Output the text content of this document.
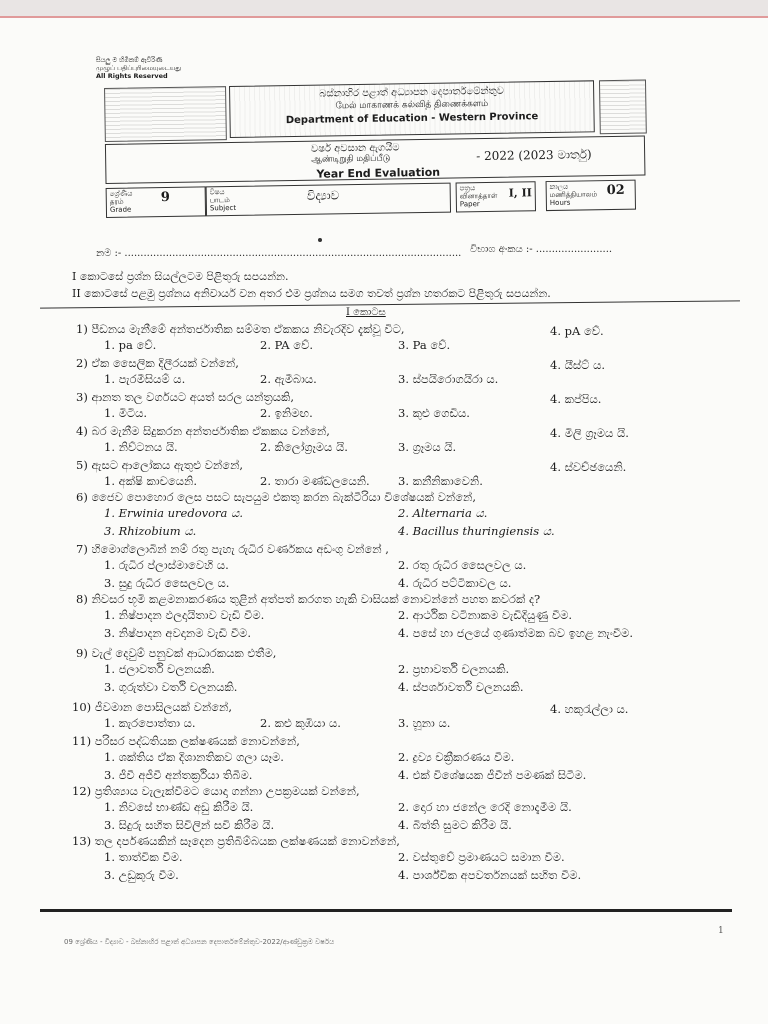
සියලු ම හිමිකම් ඇවිරිණි
முழுப் பதிப்புரிமையுடையது
All Rights Reserved
බස්නාහිර පළාත් අධ්‍යාපන දෙපාර්තමේන්තුව
மேல் மாகாணக் கல்வித் திணைக்களம்
Department of Education - Western Province
වර්ෂ අවසාන ඇගයීම
ஆண்டிறுதி மதிப்பீடு
Year End Evaluation
- 2022 (2023 මාර්තු)
ශ්‍රේණිය
தரம்
Grade
9	විෂය
பாடம்
Subject
විද්‍යාව
පත්‍රය
வினாத்தாள்
Paper
I, II	කාලය
மணித்தியாலம்
Hours
02
නම :- .......................................................................................................... විභාග අංකය :- ........................
I කොටසේ ප්‍රශ්න සියල්ලටම පිළිතුරු සපයන්න.
II කොටසේ පළමු ප්‍රශ්නය අනිවාර්ය වන අතර එම ප්‍රශ්නය සමග තවත් ප්‍රශ්න හතරකට පිළිතුරු සපයන්න.
I කොටස
1) පීඩනය මැනීමේ අන්තර්ජාතික සම්මත ඒකකය නිවැරදිව දැක්වූ විට,
1. pa වේ.	2. PA වේ.	3. Pa වේ.
4. pA වේ.
2) ඒක සෛලික දිලීරයක් වන්නේ,
1. පැරමීසියම් ය.	2. ඇමීබාය.	3. ස්පයිරොගයිරා ය.
4. යීස්ට් ය.
3) ආනත තල වර්ගයට අයත් සරල යන්ත්‍රයකි,
1. මිටිය.	2. ඉනිමඟ.	3. කුළු ගෙඩිය.
4. කප්පිය.
4) බර මැනීම සිදුකරන අන්තර්ජාතික ඒකකය වන්නේ,
1. නිව්ටනය යි.	2. කිලෝග්‍රෑමය යි.	3. ග්‍රෑමය යි.
4. මිලි ග්‍රෑමය යි.
5) ඇසට ආලෝකය ඇතුළු වන්නේ,
1. අක්ෂි කාචයෙනි.	2. තාරා මණ්ඩලයෙනි. 3. කනීනිකාවෙනි.
4. ස්වච්ඡයෙනි.
6) ජෛව පොහොර ලෙස පසට සැපයුම එකතු කරන බැක්ටීරියා විශේෂයක් වන්නේ,
1. Erwinia uredovora ය.	2. Alternaria ය.
3. Rhizobium ය.	4. Bacillus thuringiensis ය.
7) හිමොග්ලොබින් නම් රතු පැහැ රුධිර වර්ණකය අඩංගු වන්නේ ,
1. රුධිර ප්ලාස්මාවෙහි ය.	2. රතු රුධිර සෛලවල ය.
3. සුදු රුධිර සෛලවල ය.	4. රුධිර පට්ටිකාවල ය.
8) නිවසර භූමි කළමනාකරණය තුළින් අත්පත් කරගත හැකි වාසියක් නොවන්නේ පහත කවරක් ද?
1. නිෂ්පාදන ඵලදායිතාව වැඩි වීම.	2. ආර්ථික වටිනාකම වැඩිදියුණු වීම.
3. නිෂ්පාදන අවදානම වැඩි වීම.	4. පසේ හා ජලයේ ගුණාත්මක බව ඉහළ නැංවීම.
9) වැල් දෙවුම් පනුවක් ආධාරකයක එතීම,
1. ජලාවර්ති චලනයකි.	2. ප්‍රභාවර්ති චලනයකි.
3. ගුරුත්වා වර්ති චලනයකි.	4. ස්පර්ශාවර්ති චලනයකි.
10) ජීවමාන පොසිලයක් වන්නේ,
1. කැරපොත්තා ය.	2. කළු කුඹියා ය.	3. හූනා ය.
4. හකුරැල්ලා ය.
11) පරිසර පද්ධතියක ලක්ෂණයක් නොවන්නේ,
1. ශක්තිය ඒක දිශානතිකව ගලා යෑම.	2. ද්‍රව්‍ය චක්‍රීකරණය වීම.
3. ජීවී අජීවී අන්තර්ක්‍රියා තිබීම.	4. එක් විශේෂයක ජීවීන් පමණක් සිටීම.
12) ප්‍රතිශ්‍යාය වැලැක්වීමට යොදා ගන්නා උපක්‍රමයක් වන්නේ,
1. නිවසේ භාණ්ඩ අඩු කිරීම යි.	2. දොර හා ජනේල රෙදි නොදැමීම යි.
3. සිදුරු සහිත සිවිලින් සවි කිරීම යි.	4. බිත්ති සුමට කිරීම යි.
13) තල දර්පණයකින් සෑදෙන ප්‍රතිබිම්බයක ලක්ෂණයක් නොවන්නේ,
1. තාත්වික වීම.	2. වස්තුවේ ප්‍රමාණයට සමාන වීම.
3. උඩුකුරු වීම.	4. පාර්ශ්වික අපවර්තනයක් සහිත වීම.
09 ශ්‍රේණිය - විද්‍යාව - බස්නාහිර පළාත් අධ්‍යාපන දෙපාර්තමේන්තුව-2022/ආණ්ඩුක්‍රම වර්ෂය
1
